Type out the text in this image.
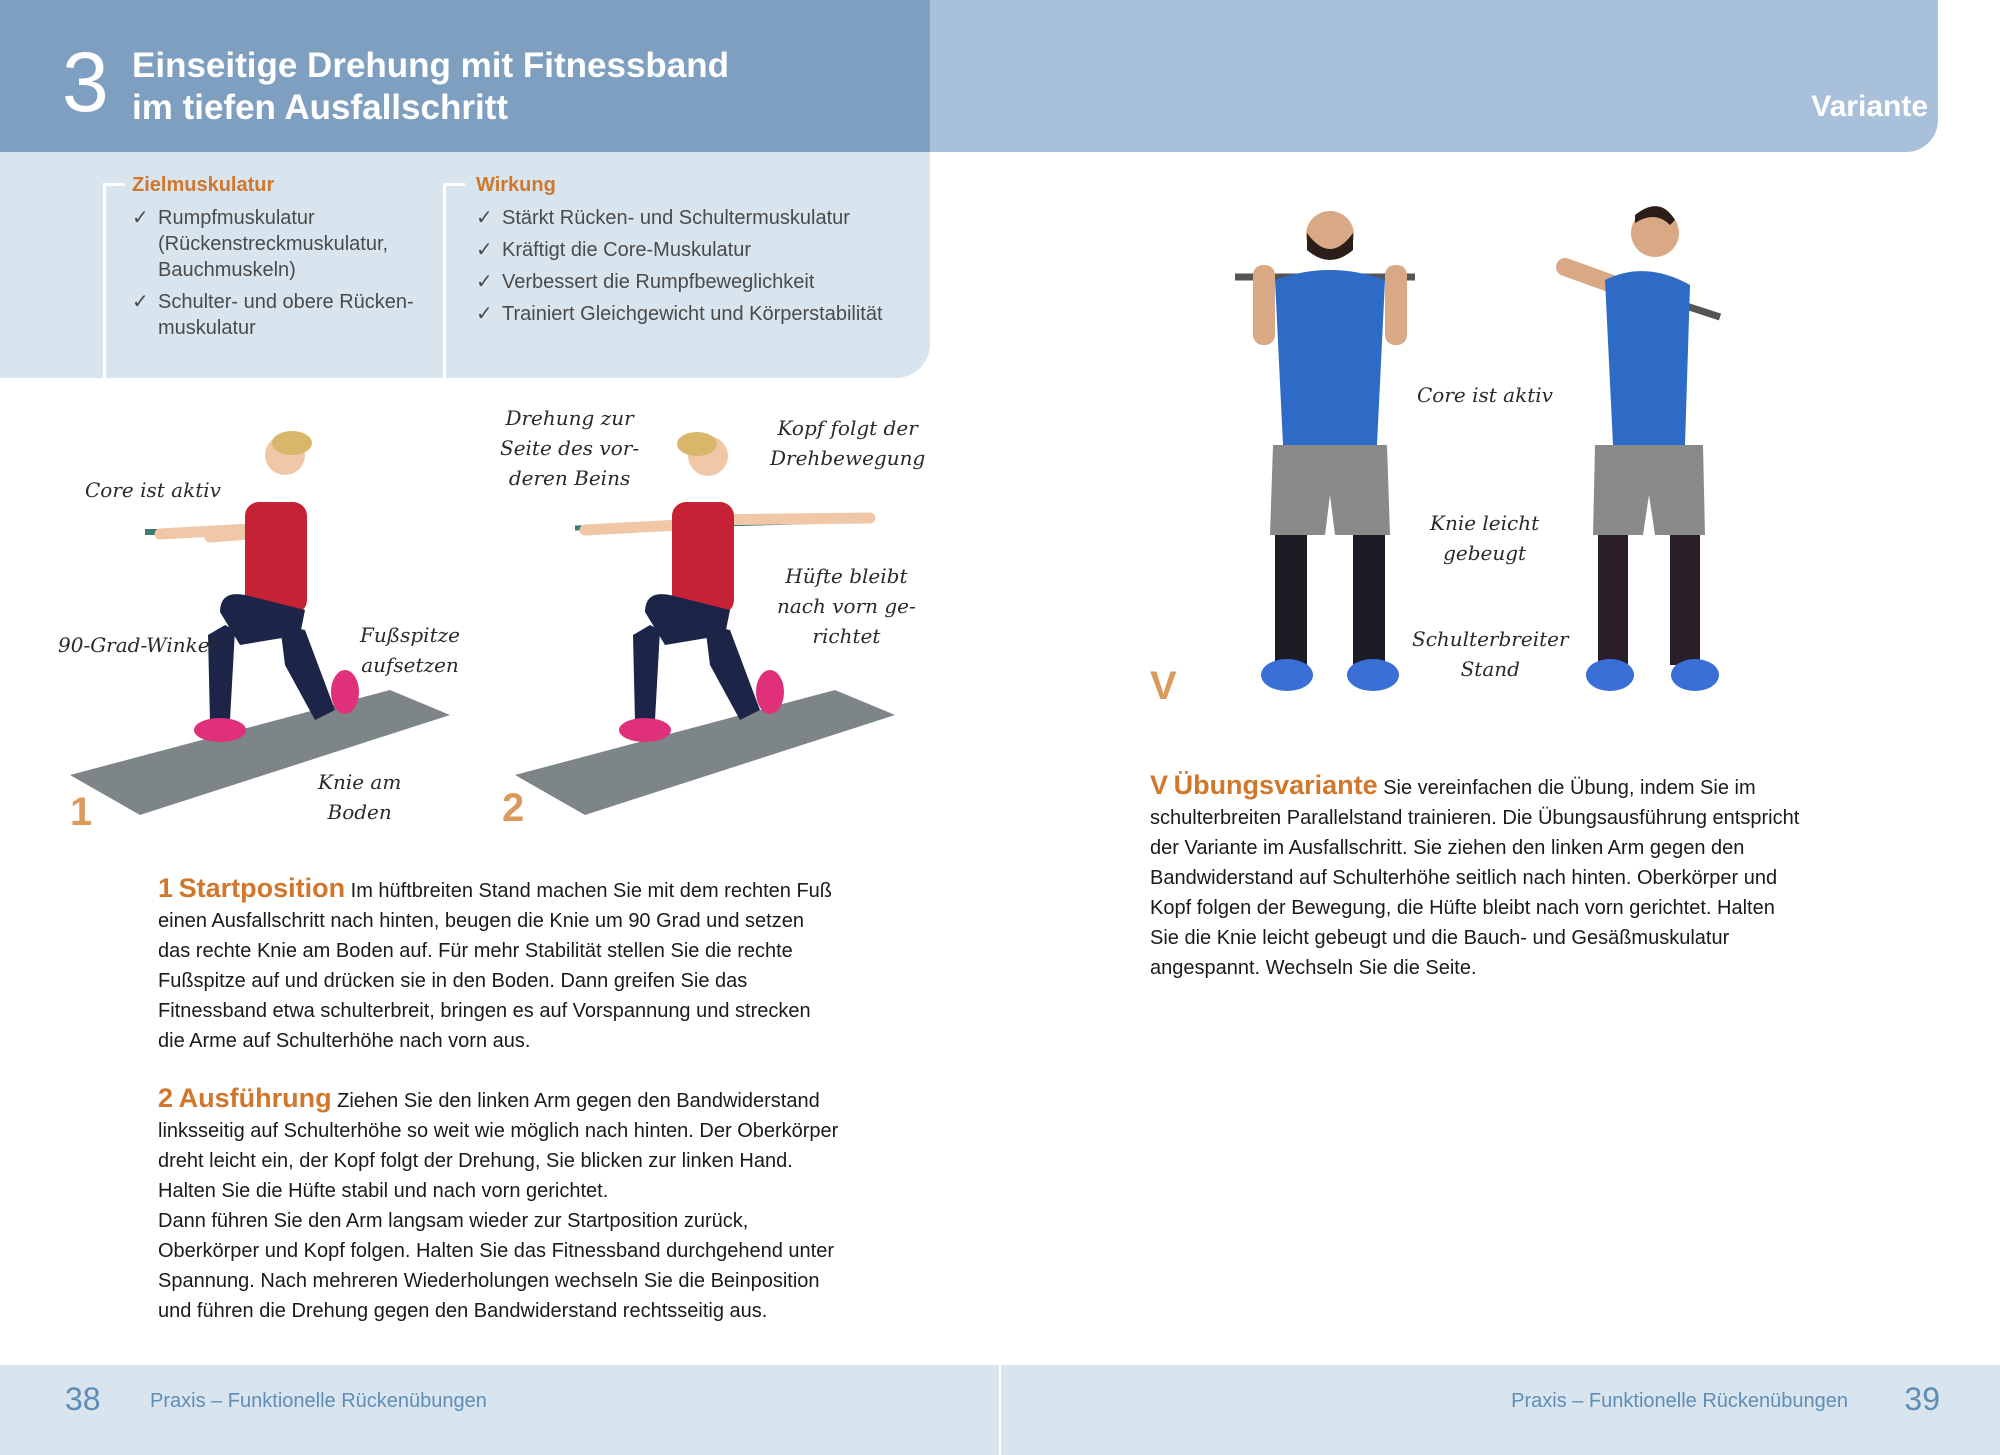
3 Einseitige Drehung mit Fitnessband
im tiefen Ausfallschritt	Variante
Zielmuskulatur
✓ Rumpfmuskulatur (Rückenstreckmuskulatur, Bauchmuskeln)
✓ Schulter- und obere Rücken-muskulatur
Wirkung
✓ Stärkt Rücken- und Schultermuskulatur
✓ Kräftigt die Core-Muskulatur
✓ Verbessert die Rumpfbeweglichkeit
✓ Trainiert Gleichgewicht und Körperstabilität
Core ist aktiv
90-Grad-Winkel	Fußspitze
aufsetzen
Knie am
Boden
1
Drehung zur
Seite des vor-
deren Beins
Kopf folgt der
Drehbewegung
Hüfte bleibt
nach vorn ge-
richtet
2
Core ist aktiv
Knie leicht
gebeugt
Schulterbreiter
Stand
V
1 Startposition Im hüftbreiten Stand machen Sie mit dem rechten Fuß einen Ausfallschritt nach hinten, beugen die Knie um 90 Grad und setzen das rechte Knie am Boden auf. Für mehr Stabilität stellen Sie die rechte Fußspitze auf und drücken sie in den Boden. Dann greifen Sie das Fitnessband etwa schulterbreit, bringen es auf Vorspannung und strecken die Arme auf Schulterhöhe nach vorn aus.
2 Ausführung Ziehen Sie den linken Arm gegen den Bandwiderstand linksseitig auf Schulterhöhe so weit wie möglich nach hinten. Der Oberkörper dreht leicht ein, der Kopf folgt der Drehung, Sie blicken zur linken Hand. Halten Sie die Hüfte stabil und nach vorn gerichtet.
Dann führen Sie den Arm langsam wieder zur Startposition zurück, Oberkörper und Kopf folgen. Halten Sie das Fitnessband durchgehend unter Spannung. Nach mehreren Wiederholungen wechseln Sie die Beinposition und führen die Drehung gegen den Bandwiderstand rechtsseitig aus.
V Übungsvariante Sie vereinfachen die Übung, indem Sie im schulterbreiten Parallelstand trainieren. Die Übungsausführung entspricht der Variante im Ausfallschritt. Sie ziehen den linken Arm gegen den Bandwiderstand auf Schulterhöhe seitlich nach hinten. Oberkörper und Kopf folgen der Bewegung, die Hüfte bleibt nach vorn gerichtet. Halten Sie die Knie leicht gebeugt und die Bauch- und Gesäßmuskulatur angespannt. Wechseln Sie die Seite.
38 Praxis – Funktionelle Rückenübungen	Praxis – Funktionelle Rückenübungen 39
